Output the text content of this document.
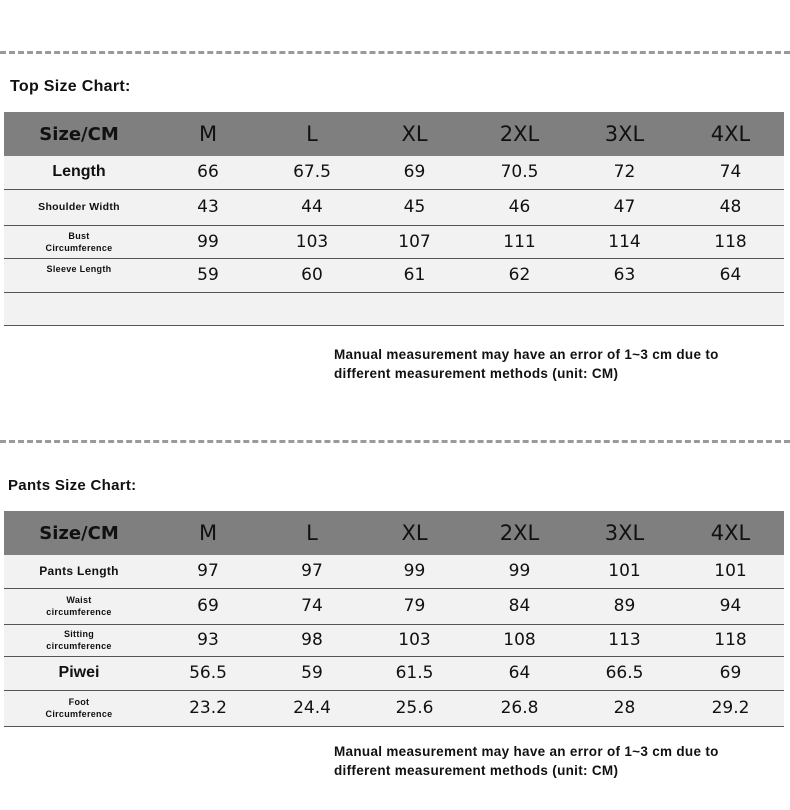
Top Size Chart:
Size/CM	M	L	XL	2XL	3XL	4XL
Length	66	67.5	69	70.5	72	74
Shoulder Width	43	44	45	46	47	48

Bust
Circumference	99	103	107	111	114	118

Sleeve Length	59	60	61	62	63	64

Manual measurement may have an error of 1~3 cm due to
different measurement methods (unit: CM)
Pants Size Chart:
Size/CM	M	L	XL	2XL	3XL	4XL
Pants Length	97	97	99	99	101	101

Waist
circumference	69	74	79	84	89	94

Sitting
circumference	93	98	103	108	113	118
Piwei	56.5	59	61.5	64	66.5	69

Foot
Circumference	23.2	24.4	25.6	26.8	28	29.2
Manual measurement may have an error of 1~3 cm due to
different measurement methods (unit: CM)
